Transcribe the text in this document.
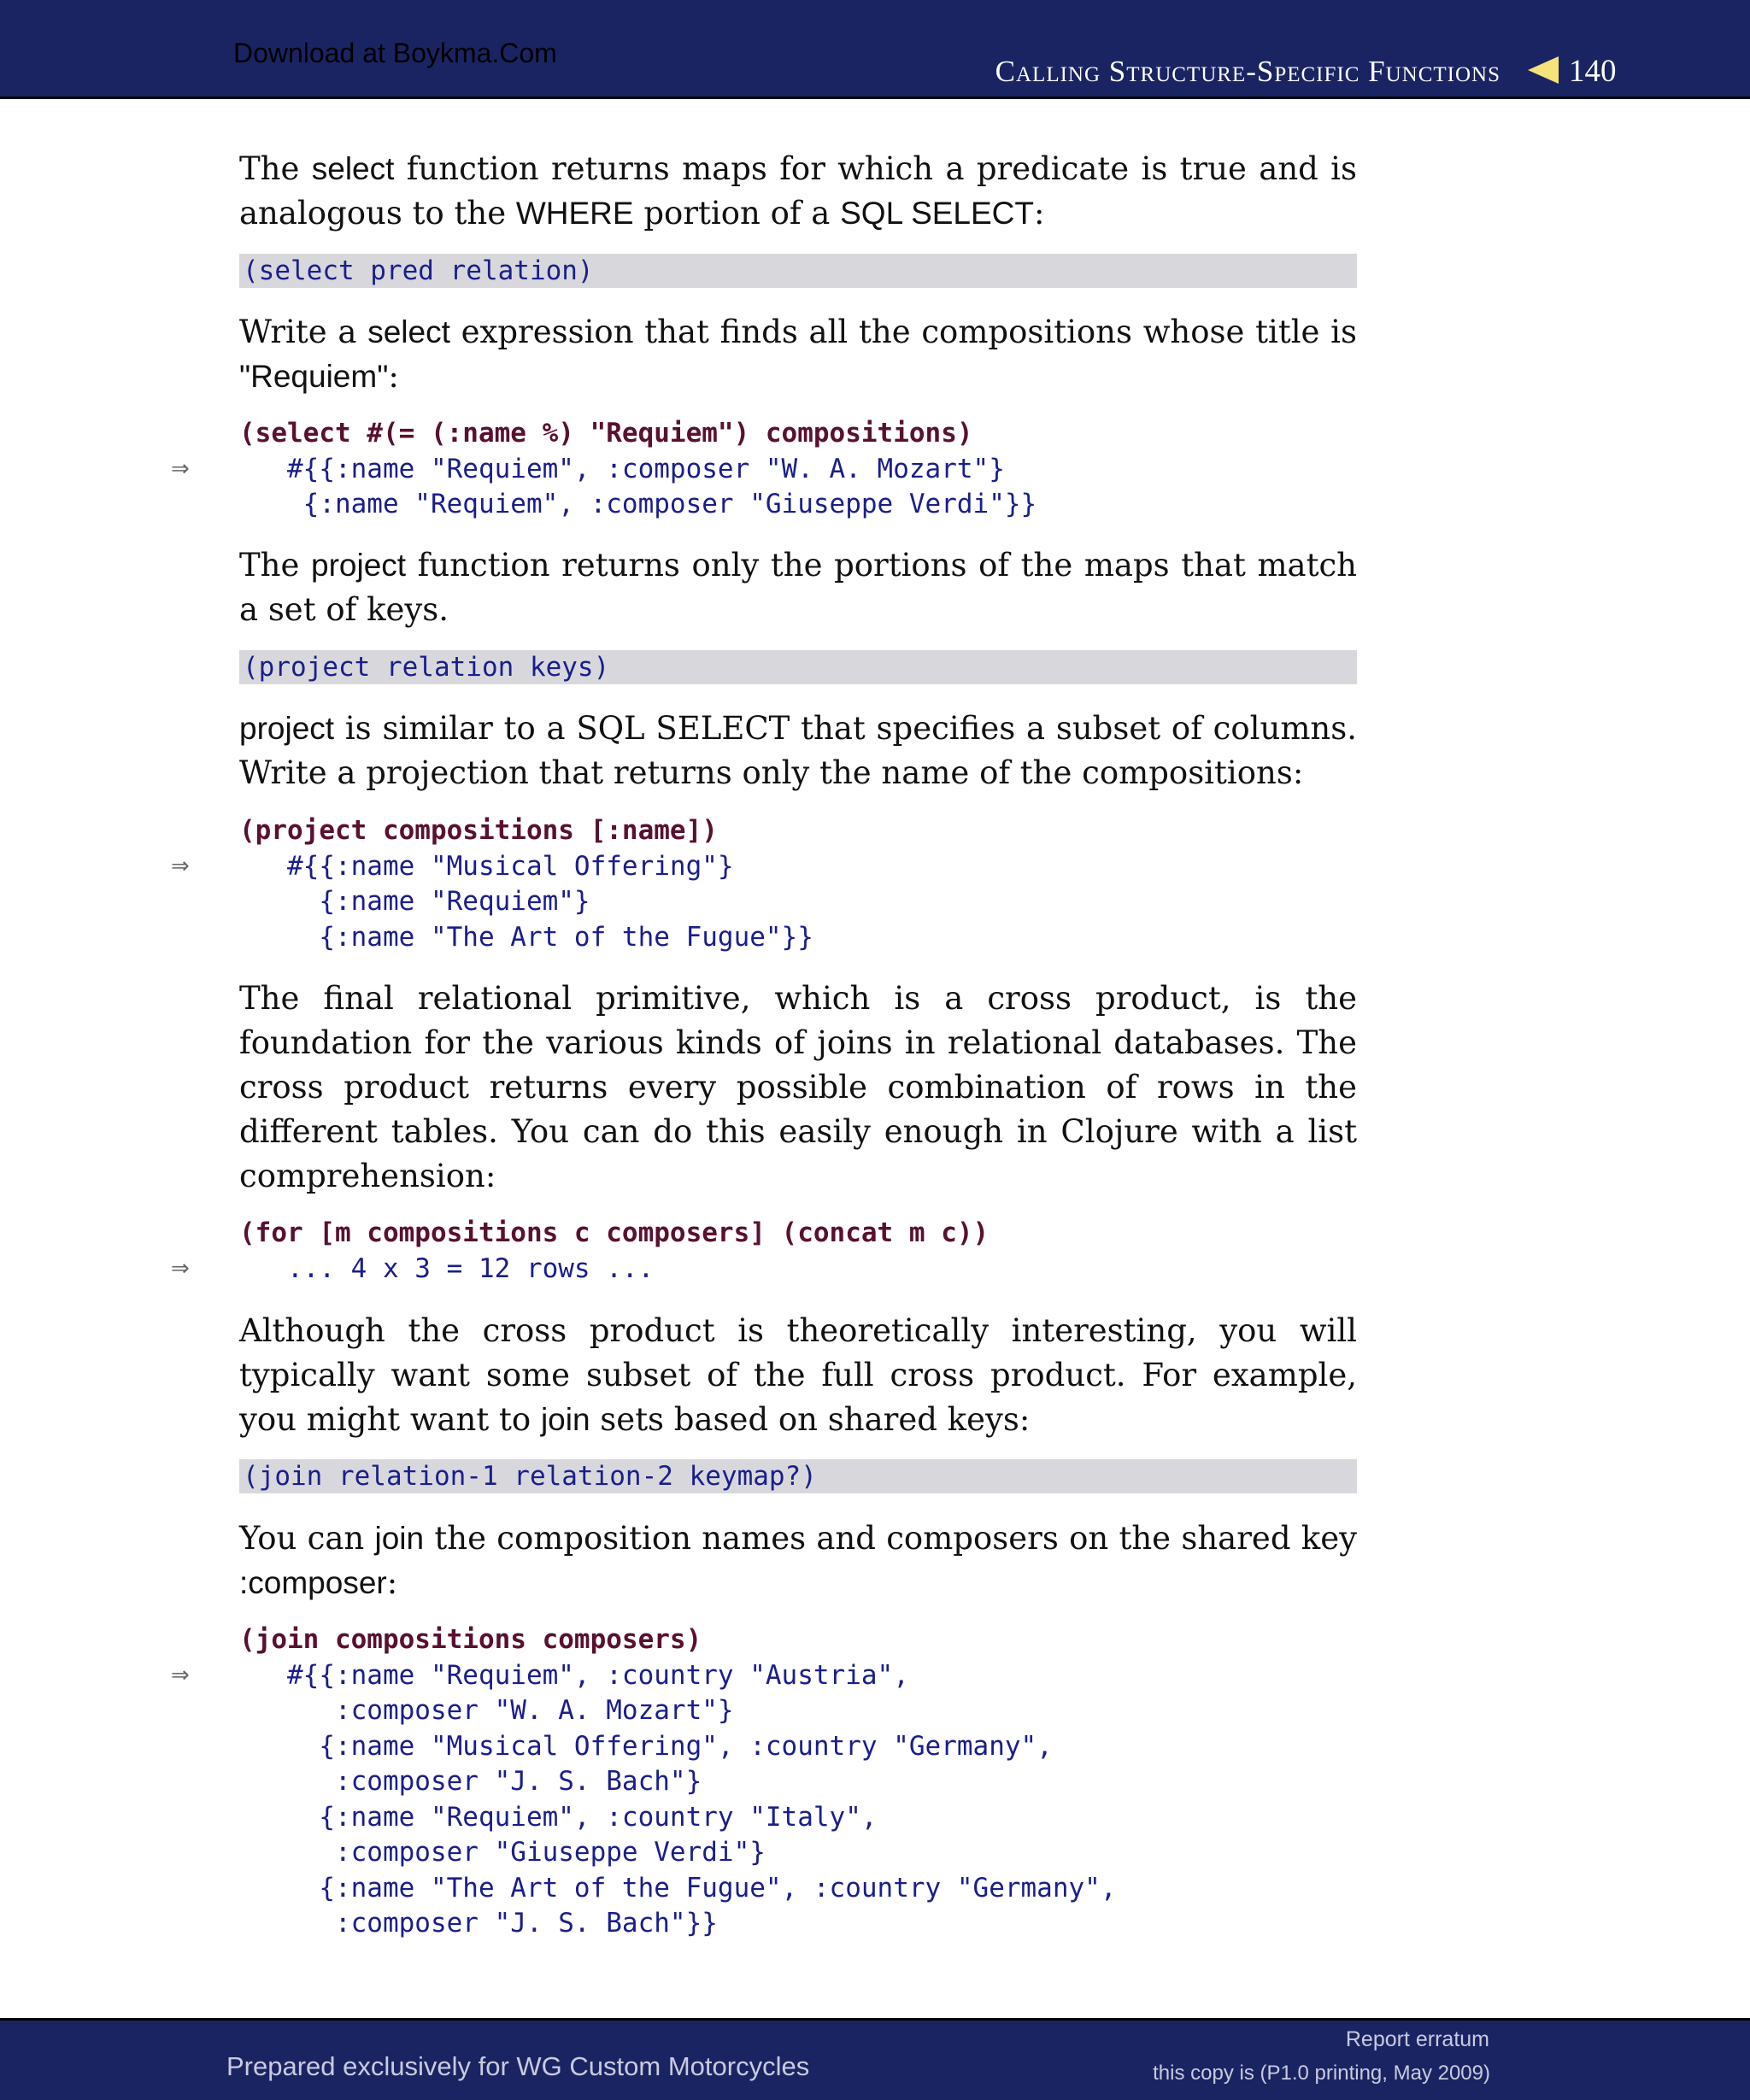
Download at Boykma.Com
Calling Structure-Specific Functions 140
The select function returns maps for which a predicate is true and is analogous to the WHERE portion of a SQL SELECT:
(select pred relation)
Write a select expression that finds all the compositions whose title is "Requiem":
(select #(= (:name %) "Requiem") compositions)
#{{:name "Requiem", :composer "W. A. Mozart"}
{:name "Requiem", :composer "Giuseppe Verdi"}}
The project function returns only the portions of the maps that match a set of keys.
(project relation keys)
project is similar to a SQL SELECT that specifies a subset of columns. Write a projection that returns only the name of the compositions:
(project compositions [:name])
#{{:name "Musical Offering"}
{:name "Requiem"}
{:name "The Art of the Fugue"}}
The final relational primitive, which is a cross product, is the foundation for the various kinds of joins in relational databases. The cross product returns every possible combination of rows in the different tables. You can do this easily enough in Clojure with a list comprehension:
(for [m compositions c composers] (concat m c))
... 4 x 3 = 12 rows ...
Although the cross product is theoretically interesting, you will typically want some subset of the full cross product. For example, you might want to join sets based on shared keys:
(join relation-1 relation-2 keymap?)
You can join the composition names and composers on the shared key :composer:
(join compositions composers)
#{{:name "Requiem", :country "Austria",
:composer "W. A. Mozart"}
{:name "Musical Offering", :country "Germany",
:composer "J. S. Bach"}
{:name "Requiem", :country "Italy",
:composer "Giuseppe Verdi"}
{:name "The Art of the Fugue", :country "Germany",
:composer "J. S. Bach"}}
⇒
⇒
⇒
⇒
Prepared exclusively for WG Custom Motorcycles
Report erratum
this copy is (P1.0 printing, May 2009)
